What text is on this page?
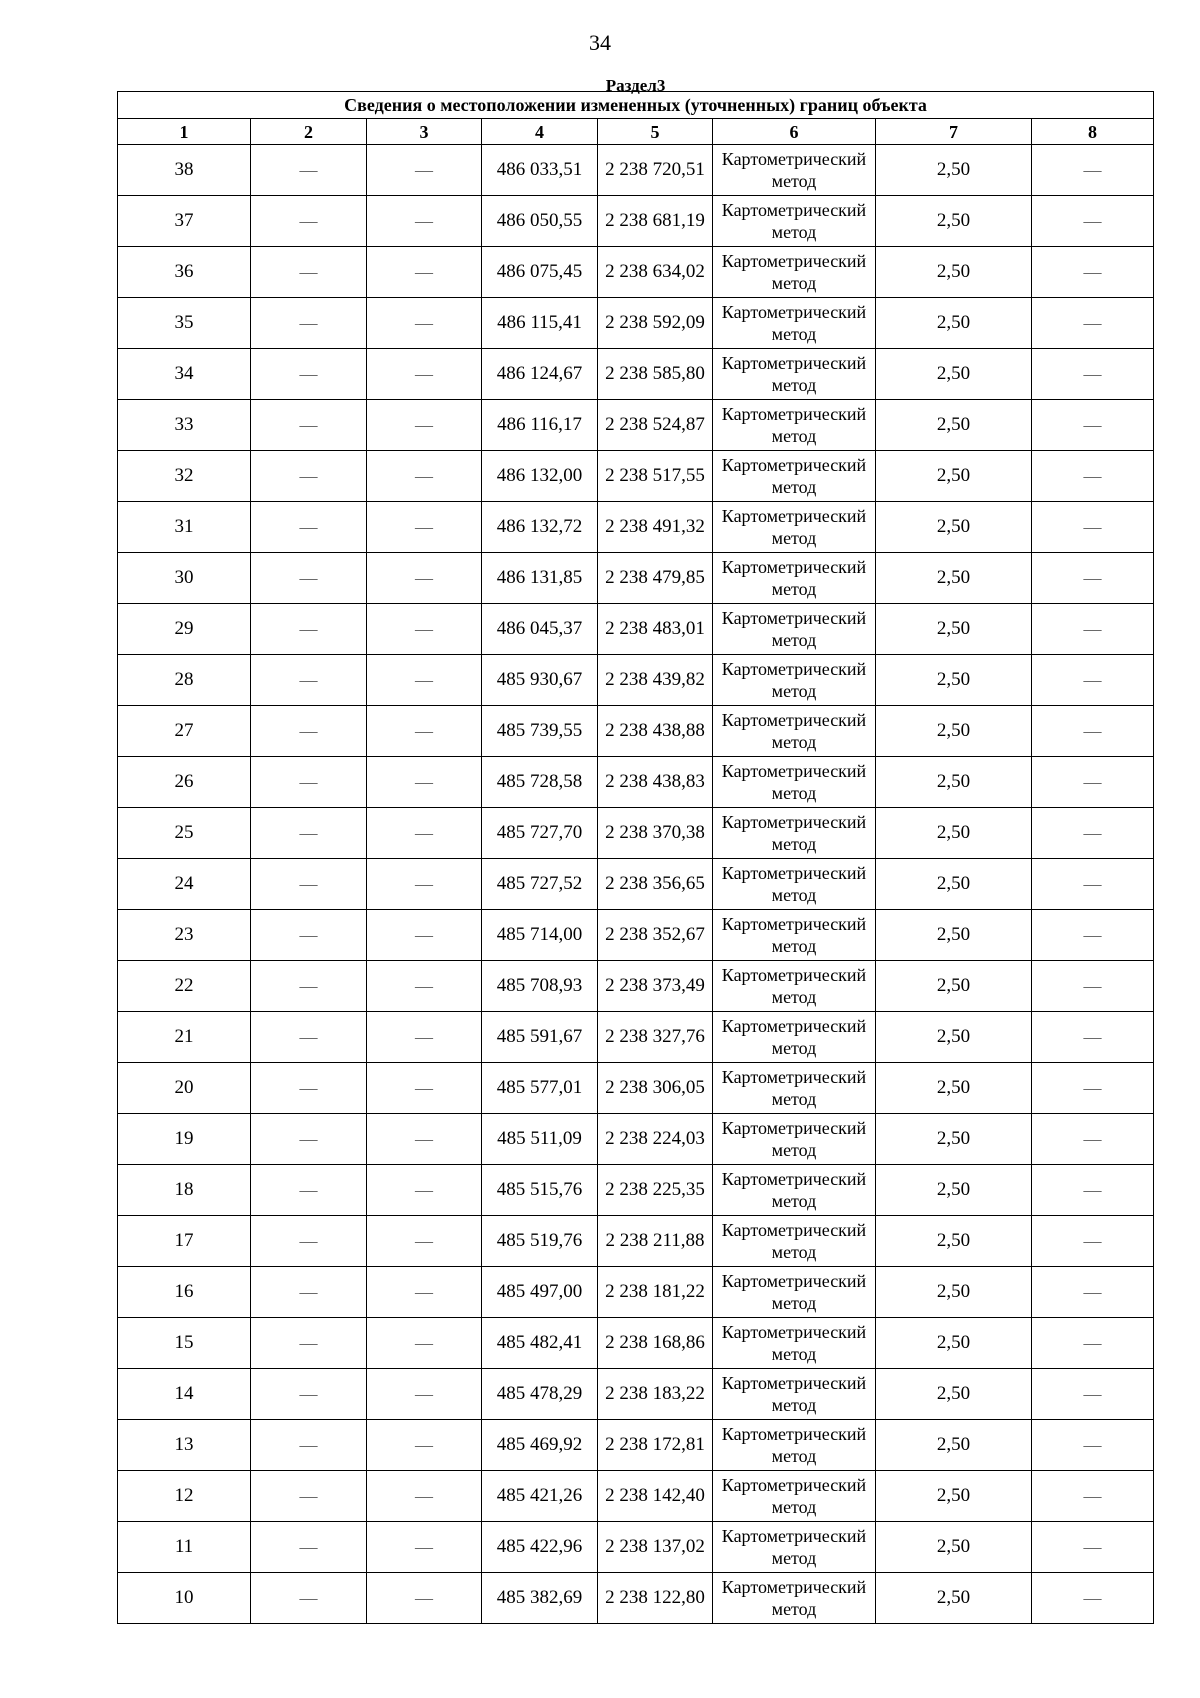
34
Раздел3							
Сведения о местоположении измененных (уточненных) границ объекта							
1	2	3	4	5	6	7	8
38	—	—	486 033,51	2 238 720,51	Картометрический метод	2,50	—
37	—	—	486 050,55	2 238 681,19	Картометрический метод	2,50	—
36	—	—	486 075,45	2 238 634,02	Картометрический метод	2,50	—
35	—	—	486 115,41	2 238 592,09	Картометрический метод	2,50	—
34	—	—	486 124,67	2 238 585,80	Картометрический метод	2,50	—
33	—	—	486 116,17	2 238 524,87	Картометрический метод	2,50	—
32	—	—	486 132,00	2 238 517,55	Картометрический метод	2,50	—
31	—	—	486 132,72	2 238 491,32	Картометрический метод	2,50	—
30	—	—	486 131,85	2 238 479,85	Картометрический метод	2,50	—
29	—	—	486 045,37	2 238 483,01	Картометрический метод	2,50	—
28	—	—	485 930,67	2 238 439,82	Картометрический метод	2,50	—
27	—	—	485 739,55	2 238 438,88	Картометрический метод	2,50	—
26	—	—	485 728,58	2 238 438,83	Картометрический метод	2,50	—
25	—	—	485 727,70	2 238 370,38	Картометрический метод	2,50	—
24	—	—	485 727,52	2 238 356,65	Картометрический метод	2,50	—
23	—	—	485 714,00	2 238 352,67	Картометрический метод	2,50	—
22	—	—	485 708,93	2 238 373,49	Картометрический метод	2,50	—
21	—	—	485 591,67	2 238 327,76	Картометрический метод	2,50	—
20	—	—	485 577,01	2 238 306,05	Картометрический метод	2,50	—
19	—	—	485 511,09	2 238 224,03	Картометрический метод	2,50	—
18	—	—	485 515,76	2 238 225,35	Картометрический метод	2,50	—
17	—	—	485 519,76	2 238 211,88	Картометрический метод	2,50	—
16	—	—	485 497,00	2 238 181,22	Картометрический метод	2,50	—
15	—	—	485 482,41	2 238 168,86	Картометрический метод	2,50	—
14	—	—	485 478,29	2 238 183,22	Картометрический метод	2,50	—
13	—	—	485 469,92	2 238 172,81	Картометрический метод	2,50	—
12	—	—	485 421,26	2 238 142,40	Картометрический метод	2,50	—
11	—	—	485 422,96	2 238 137,02	Картометрический метод	2,50	—
10	—	—	485 382,69	2 238 122,80	Картометрический метод	2,50	—
